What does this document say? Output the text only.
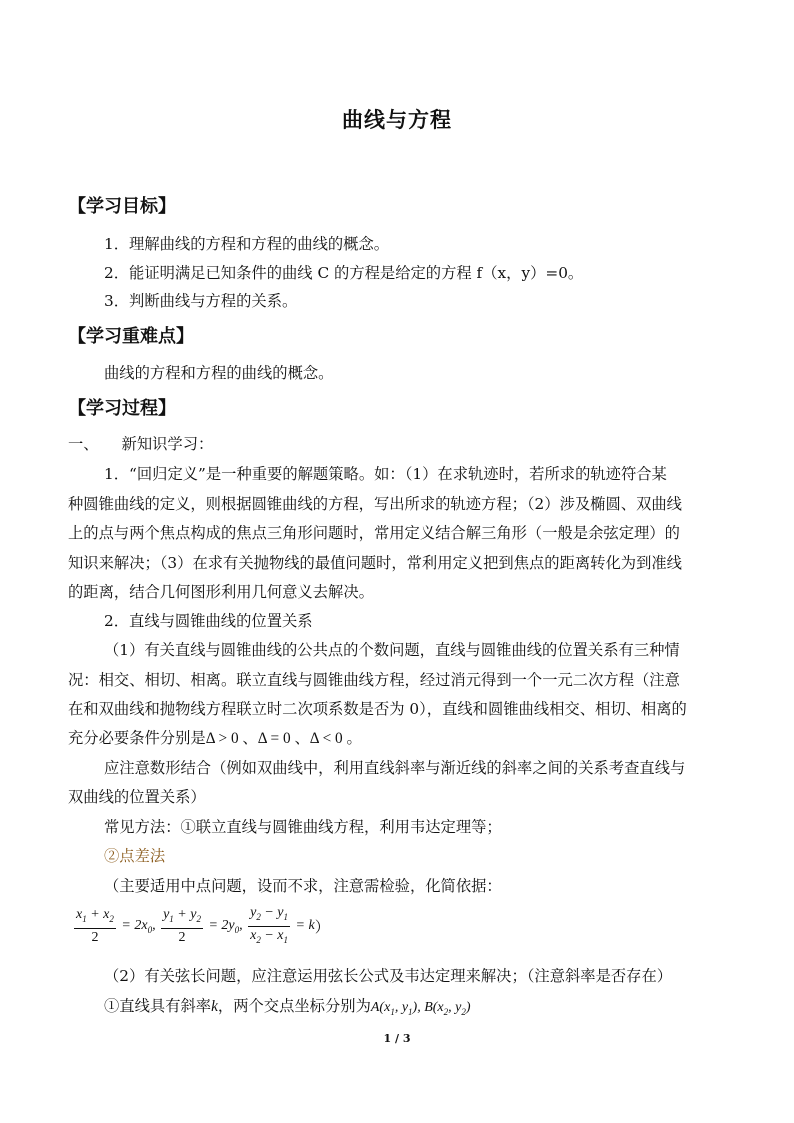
曲线与方程
【学习目标】
1．理解曲线的方程和方程的曲线的概念。
2．能证明满足已知条件的曲线 C 的方程是给定的方程 f（x，y）=0。
3．判断曲线与方程的关系。
【学习重难点】
曲线的方程和方程的曲线的概念。
【学习过程】
一、　　新知识学习：
1．“回归定义”是一种重要的解题策略。如：（1）在求轨迹时，若所求的轨迹符合某
种圆锥曲线的定义，则根据圆锥曲线的方程，写出所求的轨迹方程；（2）涉及椭圆、双曲线
上的点与两个焦点构成的焦点三角形问题时，常用定义结合解三角形（一般是余弦定理）的
知识来解决；（3）在求有关抛物线的最值问题时，常利用定义把到焦点的距离转化为到准线
的距离，结合几何图形利用几何意义去解决。
2．直线与圆锥曲线的位置关系
（1）有关直线与圆锥曲线的公共点的个数问题，直线与圆锥曲线的位置关系有三种情
况：相交、相切、相离。联立直线与圆锥曲线方程，经过消元得到一个一元二次方程（注意
在和双曲线和抛物线方程联立时二次项系数是否为 0），直线和圆锥曲线相交、相切、相离的
充分必要条件分别是Δ > 0 、Δ = 0 、Δ < 0 。
应注意数形结合（例如双曲线中，利用直线斜率与渐近线的斜率之间的关系考查直线与
双曲线的位置关系）
常见方法：①联立直线与圆锥曲线方程，利用韦达定理等；
②点差法
（主要适用中点问题，设而不求，注意需检验，化简依据：
$\frac{x_1 + x_2}{2} = 2x_0$, $\frac{y_1 + y_2}{2} = 2y_0$, $\frac{y_2 - y_1}{x_2 - x_1} = k$ ）
（2）有关弦长问题，应注意运用弦长公式及韦达定理来解决；（注意斜率是否存在）
①直线具有斜率k，两个交点坐标分别为$A(x_1$, $y_1$), $B(x_2$, $y_2$)
1 / 3
